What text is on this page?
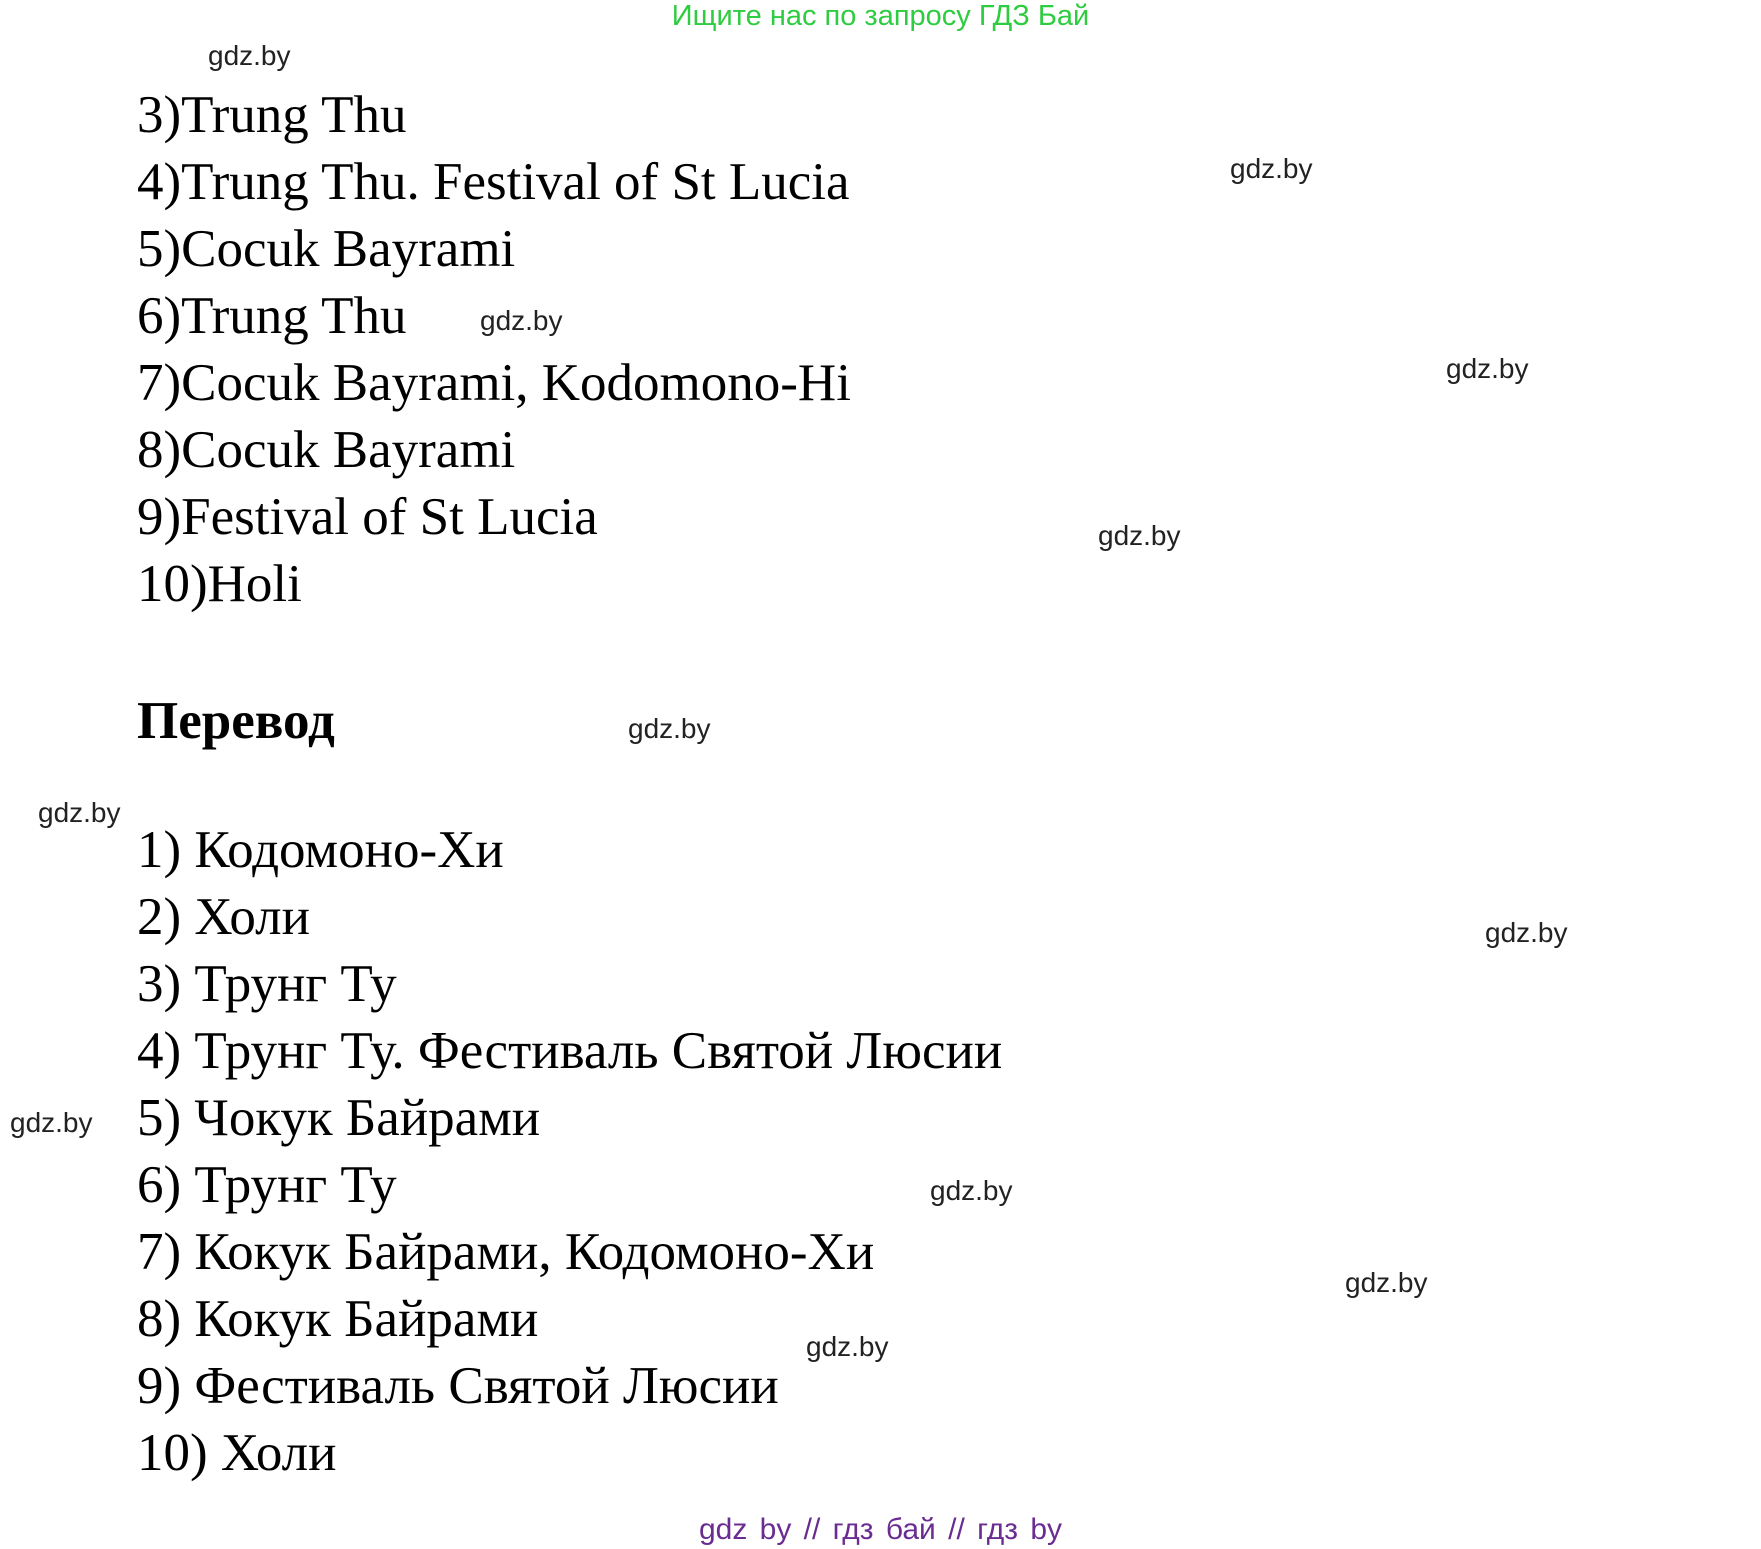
Ищите нас по запросу ГДЗ Бай
gdz.by
gdz.by
gdz.by
gdz.by
gdz.by
gdz.by
gdz.by
gdz.by
gdz.by
gdz.by
gdz.by
gdz.by
3)Trung Thu
4)Trung Thu. Festival of St Lucia
5)Cocuk Bayrami
6)Trung Thu
7)Cocuk Bayrami, Kodomono-Hi
8)Cocuk Bayrami
9)Festival of St Lucia
10)Holi
Перевод
1) Кодомоно-Хи
2) Холи
3) Трунг Ту
4) Трунг Ту. Фестиваль Святой Люсии
5) Чокук Байрами
6) Трунг Ту
7) Кокук Байрами, Кодомоно-Хи
8) Кокук Байрами
9) Фестиваль Святой Люсии
10) Холи
gdz by // гдз бай // гдз by
